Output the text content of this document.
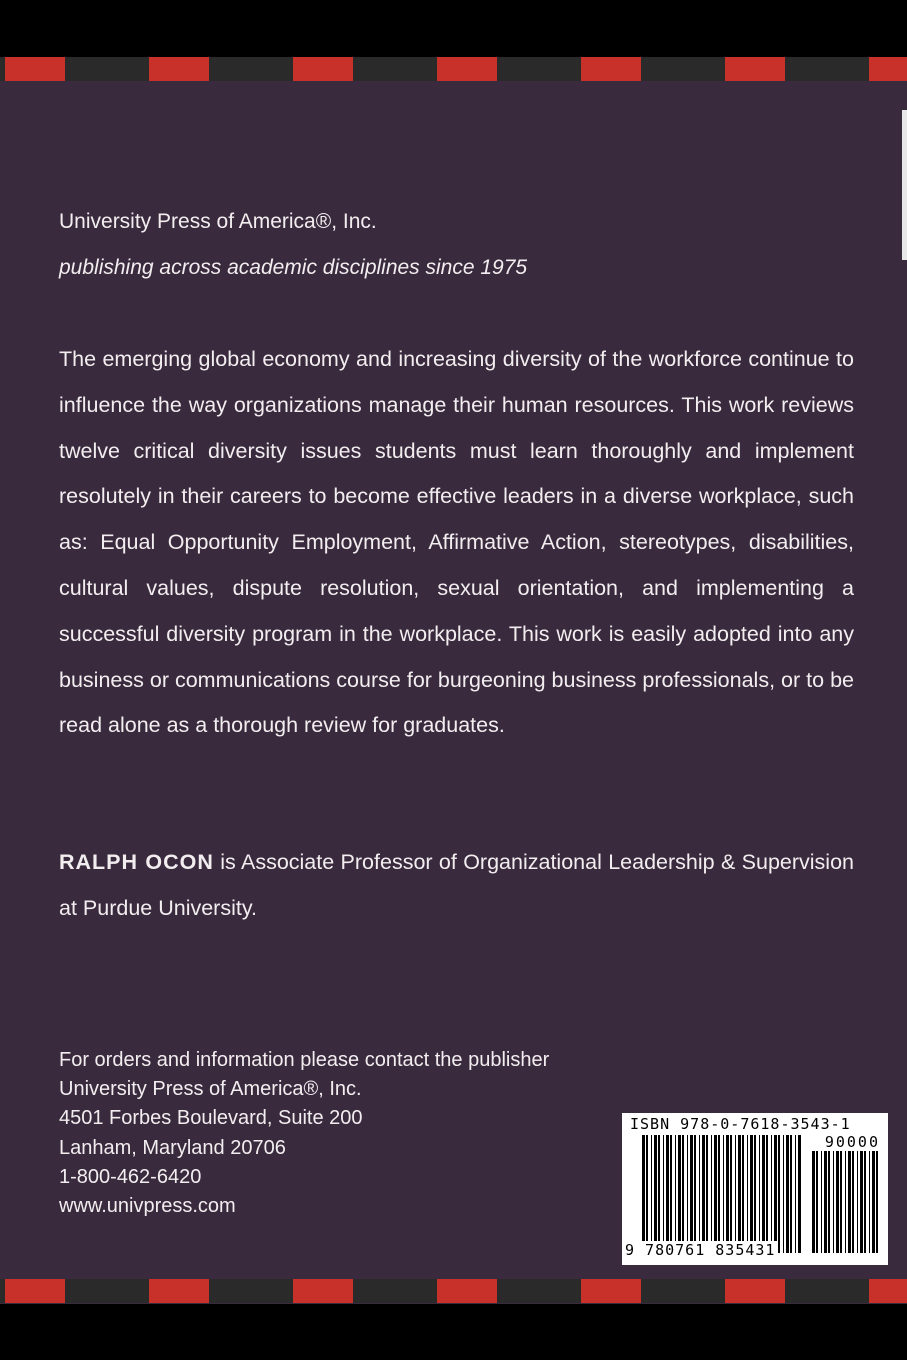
University Press of America®, Inc.
publishing across academic disciplines since 1975
The emerging global economy and increasing diversity of the workforce continue to influence the way organizations manage their human resources. This work reviews twelve critical diversity issues students must learn thoroughly and implement resolutely in their careers to become effective leaders in a diverse workplace, such as: Equal Opportunity Employment, Affirmative Action, stereotypes, disabilities, cultural values, dispute resolution, sexual orientation, and implementing a successful diversity program in the workplace. This work is easily adopted into any business or communications course for burgeoning business professionals, or to be read alone as a thorough review for graduates.
RALPH OCON is Associate Professor of Organizational Leadership & Supervision at Purdue University.
For orders and information please contact the publisher
University Press of America®, Inc.
4501 Forbes Boulevard, Suite 200
Lanham, Maryland 20706
1-800-462-6420
www.univpress.com
ISBN 978-0-7618-3543-1
90000
9 780761 835431
